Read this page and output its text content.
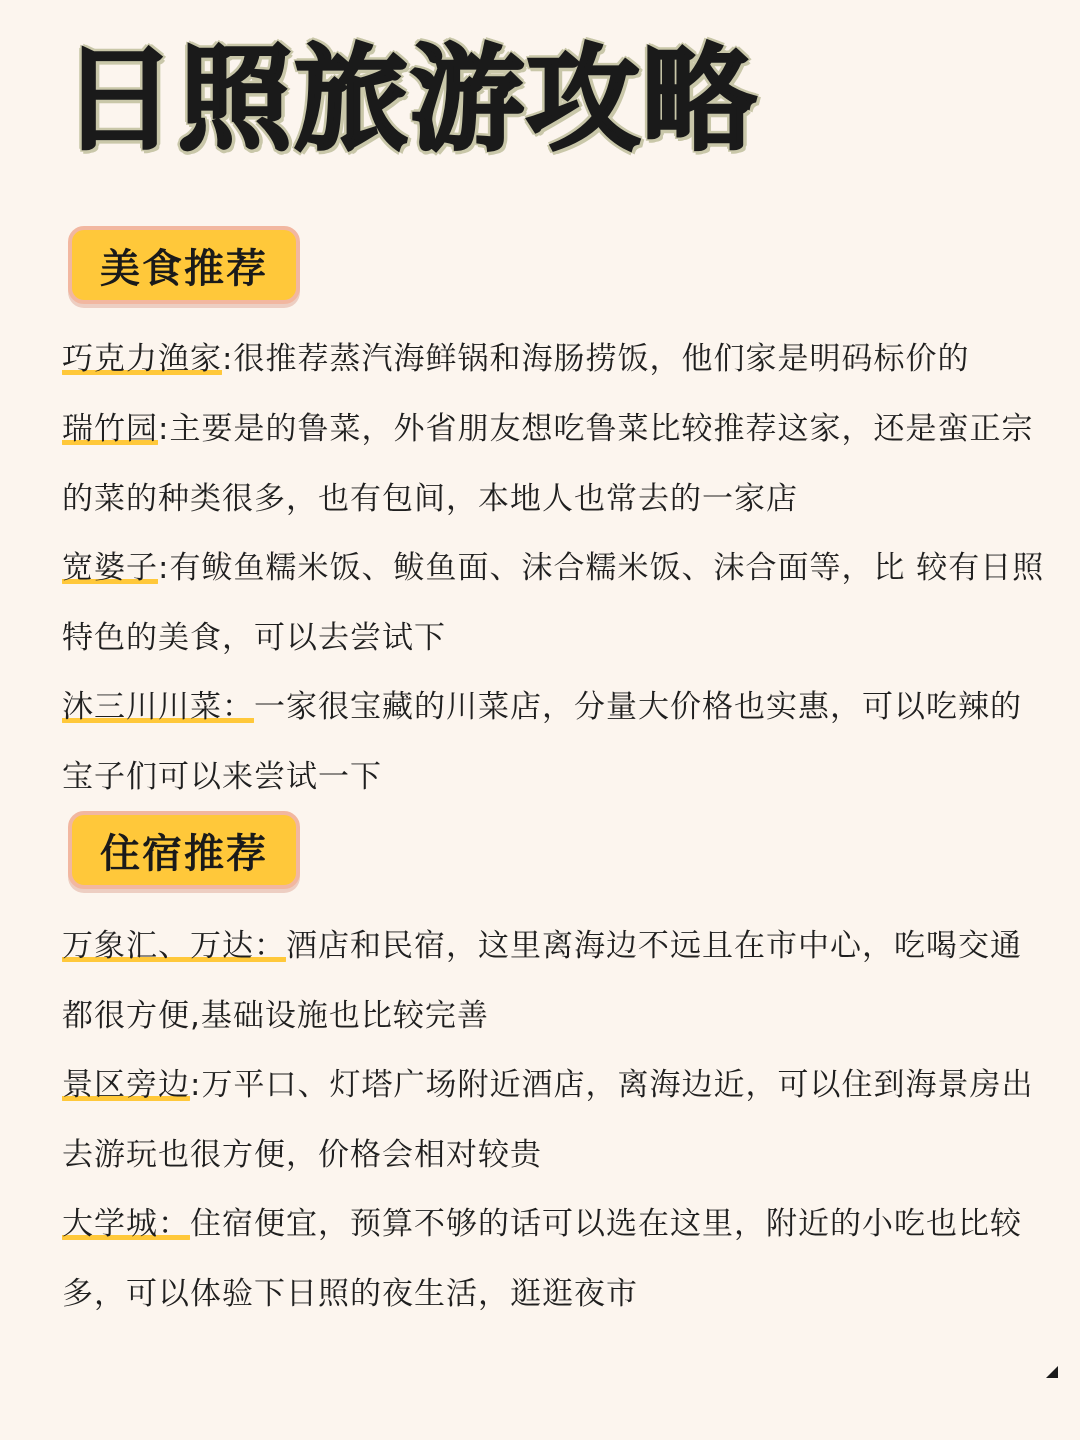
日照旅游攻略
美食推荐

巧克力渔家:很推荐蒸汽海鲜锅和海肠捞饭，他们家是明码标价的

瑞竹园:主要是的鲁菜，外省朋友想吃鲁菜比较推荐这家，还是蛮正宗的菜的种类很多，也有包间，本地人也常去的一家店

宽婆子:有鲅鱼糯米饭、鲅鱼面、沫合糯米饭、沫合面等，比 较有日照特色的美食，可以去尝试下

沐三川川菜：一家很宝藏的川菜店，分量大价格也实惠，可以吃辣的宝子们可以来尝试一下

住宿推荐

万象汇、万达：酒店和民宿，这里离海边不远且在市中心，吃喝交通都很方便,基础设施也比较完善

景区旁边:万平口、灯塔广场附近酒店，离海边近，可以住到海景房出去游玩也很方便，价格会相对较贵

大学城：住宿便宜，预算不够的话可以选在这里，附近的小吃也比较多，可以体验下日照的夜生活，逛逛夜市
